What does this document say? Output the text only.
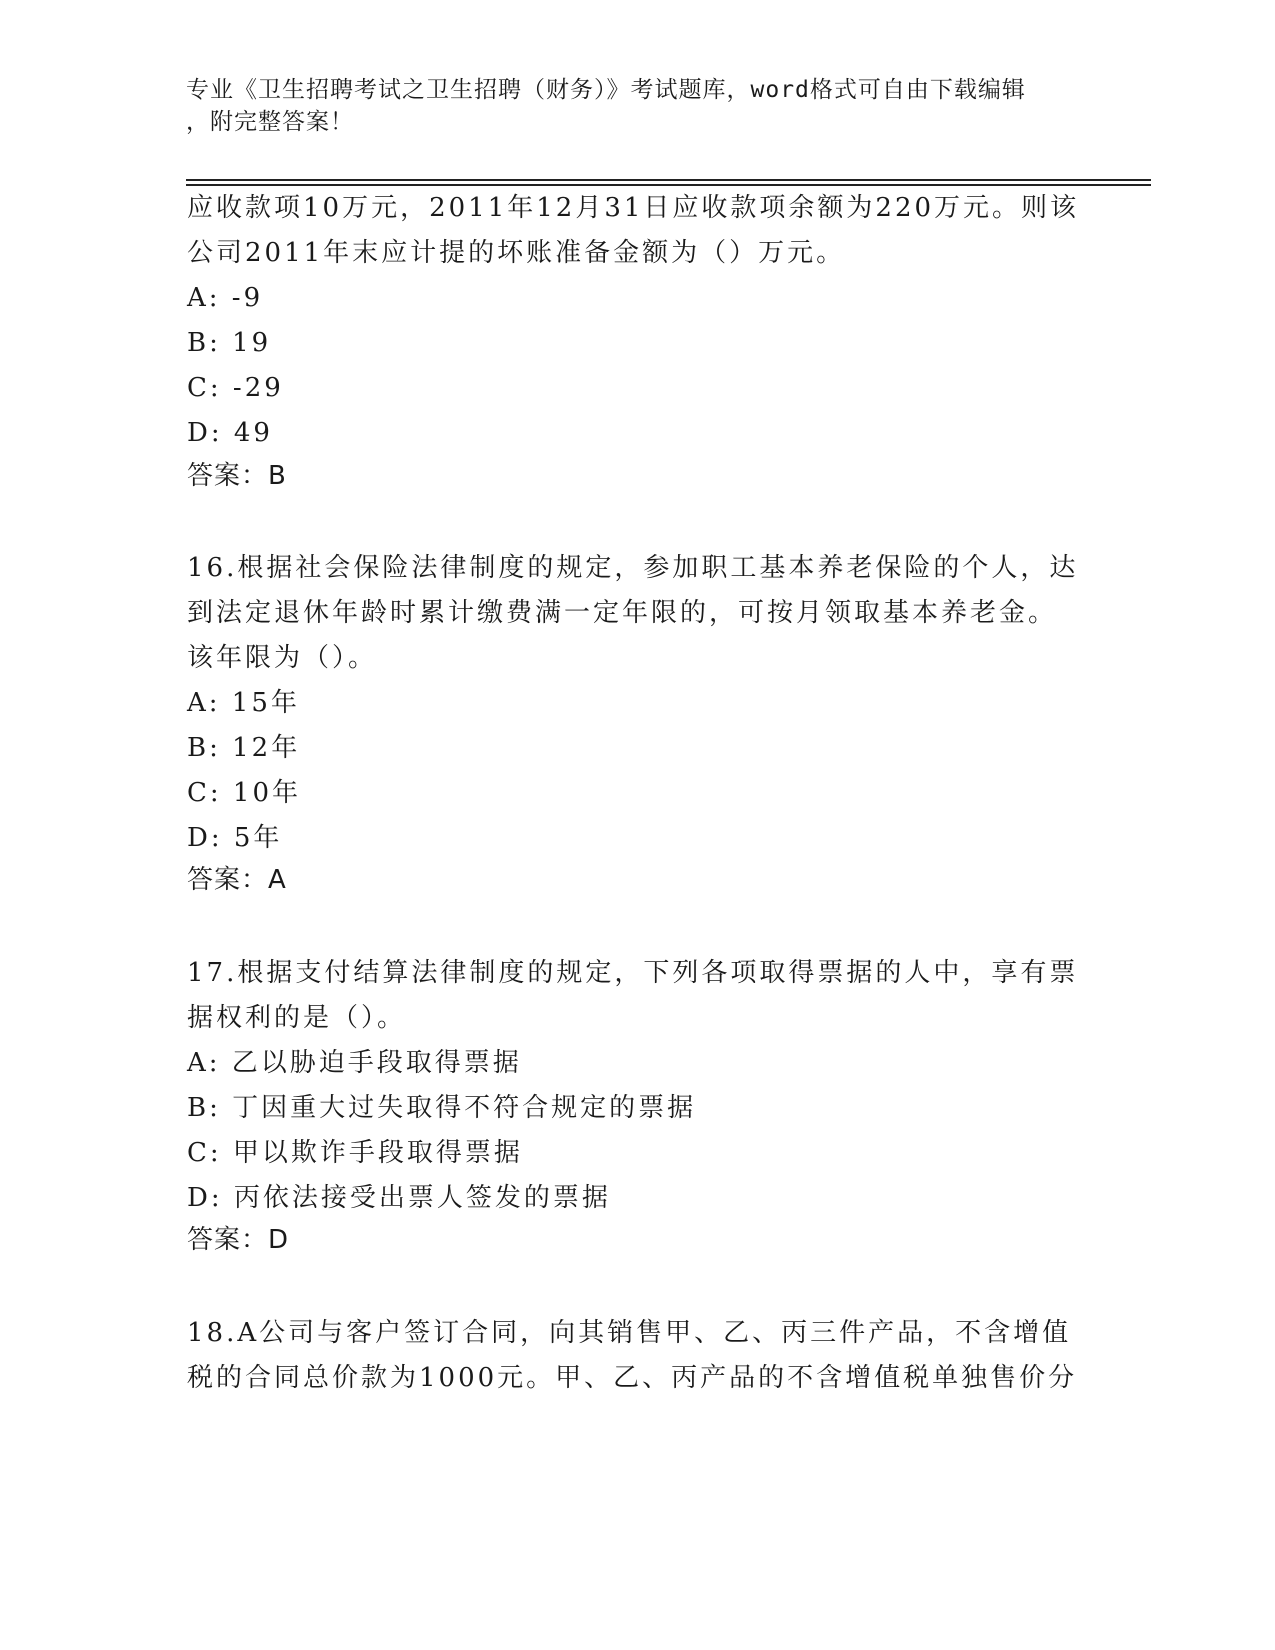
专业《卫生招聘考试之卫生招聘（财务）》考试题库，word格式可自由下载编辑
，附完整答案！
应收款项10万元，2011年12月31日应收款项余额为220万元。则该
公司2011年末应计提的坏账准备金额为（）万元。
A: -9
B: 19
C: -29
D: 49
答案：B
16.根据社会保险法律制度的规定，参加职工基本养老保险的个人，达
到法定退休年龄时累计缴费满一定年限的，可按月领取基本养老金。
该年限为（）。
A: 15年
B: 12年
C: 10年
D: 5年
答案：A
17.根据支付结算法律制度的规定，下列各项取得票据的人中，享有票
据权利的是（）。
A: 乙以胁迫手段取得票据
B: 丁因重大过失取得不符合规定的票据
C: 甲以欺诈手段取得票据
D: 丙依法接受出票人签发的票据
答案：D
18.A公司与客户签订合同，向其销售甲、乙、丙三件产品，不含增值
税的合同总价款为1000元。甲、乙、丙产品的不含增值税单独售价分
